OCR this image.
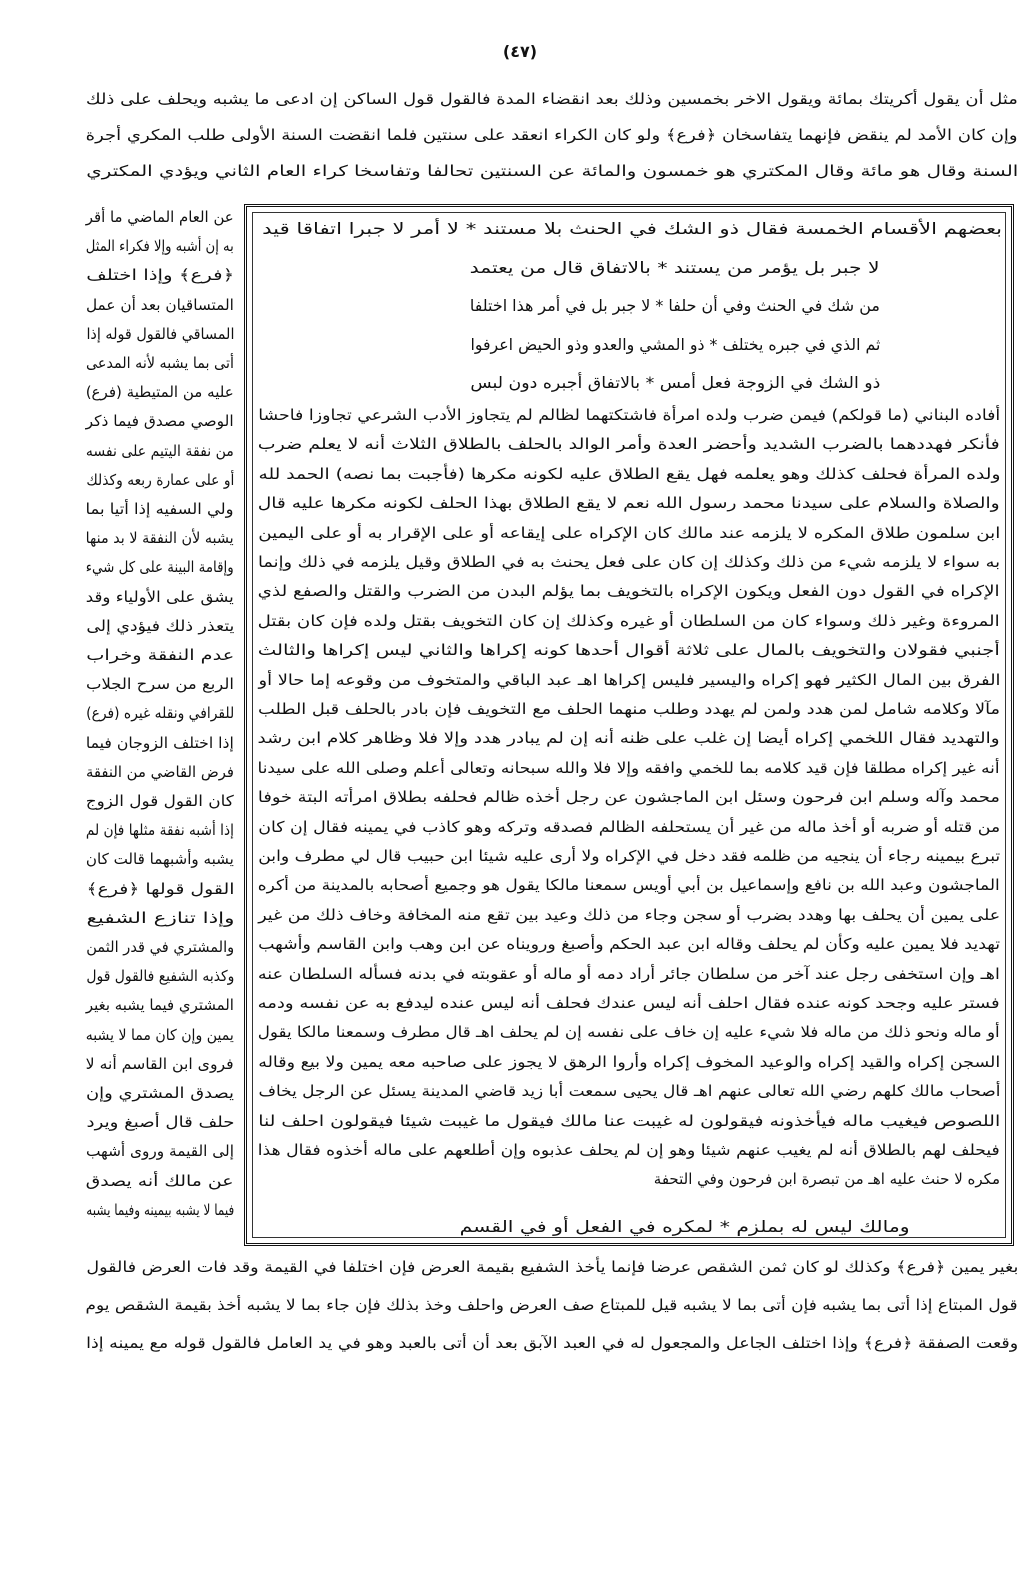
(٤٧)
مثل أن يقول أكريتك بمائة ويقول الاخر بخمسين وذلك بعد انقضاء المدة فالقول قول الساكن إن ادعى ما يشبه ويحلف على ذلك
وإن كان الأمد لم ينقض فإنهما يتفاسخان ﴿فرع﴾ ولو كان الكراء انعقد على سنتين فلما انقضت السنة الأولى طلب المكري أجرة
السنة وقال هو مائة وقال المكتري هو خمسون والمائة عن السنتين تحالفا وتفاسخا كراء العام الثاني ويؤدي المكتري
بعضهم الأقسام الخمسة فقال ذو الشك في الحنث بلا مستند * لا أمر لا جبرا اتفاقا قيد
لا جبر بل يؤمر من يستند * بالاتفاق قال من يعتمد
من شك في الحنث وفي أن حلفا * لا جبر بل في أمر هذا اختلفا
ثم الذي في جبره يختلف * ذو المشي والعدو وذو الحيض اعرفوا
ذو الشك في الزوجة فعل أمس * بالاتفاق أجبره دون لبس
أفاده البناني (ما قولكم) فيمن ضرب ولده امرأة فاشتكتهما لظالم لم يتجاوز الأدب الشرعي تجاوزا فاحشا
فأنكر فهددهما بالضرب الشديد وأحضر العدة وأمر الوالد بالحلف بالطلاق الثلاث أنه لا يعلم ضرب
ولده المرأة فحلف كذلك وهو يعلمه فهل يقع الطلاق عليه لكونه مكرها (فأجبت بما نصه) الحمد لله
والصلاة والسلام على سيدنا محمد رسول الله نعم لا يقع الطلاق بهذا الحلف لكونه مكرها عليه قال
ابن سلمون طلاق المكره لا يلزمه عند مالك كان الإكراه على إيقاعه أو على الإقرار به أو على اليمين
به سواء لا يلزمه شيء من ذلك وكذلك إن كان على فعل يحنث به في الطلاق وقيل يلزمه في ذلك وإنما
الإكراه في القول دون الفعل ويكون الإكراه بالتخويف بما يؤلم البدن من الضرب والقتل والصفع لذي
المروءة وغير ذلك وسواء كان من السلطان أو غيره وكذلك إن كان التخويف بقتل ولده فإن كان بقتل
أجنبي فقولان والتخويف بالمال على ثلاثة أقوال أحدها كونه إكراها والثاني ليس إكراها والثالث
الفرق بين المال الكثير فهو إكراه واليسير فليس إكراها اهـ عبد الباقي والمتخوف من وقوعه إما حالا أو
مآلا وكلامه شامل لمن هدد ولمن لم يهدد وطلب منهما الحلف مع التخويف فإن بادر بالحلف قبل الطلب
والتهديد فقال اللخمي إكراه أيضا إن غلب على ظنه أنه إن لم يبادر هدد وإلا فلا وظاهر كلام ابن رشد
أنه غير إكراه مطلقا فإن قيد كلامه بما للخمي وافقه وإلا فلا والله سبحانه وتعالى أعلم وصلى الله على سيدنا
محمد وآله وسلم ابن فرحون وسئل ابن الماجشون عن رجل أخذه ظالم فحلفه بطلاق امرأته البتة خوفا
من قتله أو ضربه أو أخذ ماله من غير أن يستحلفه الظالم فصدقه وتركه وهو كاذب في يمينه فقال إن كان
تبرع بيمينه رجاء أن ينجيه من ظلمه فقد دخل في الإكراه ولا أرى عليه شيئا ابن حبيب قال لي مطرف وابن
الماجشون وعبد الله بن نافع وإسماعيل بن أبي أويس سمعنا مالكا يقول هو وجميع أصحابه بالمدينة من أكره
على يمين أن يحلف بها وهدد بضرب أو سجن وجاء من ذلك وعيد بين تقع منه المخافة وخاف ذلك من غير
تهديد فلا يمين عليه وكأن لم يحلف وقاله ابن عبد الحكم وأصبغ ورويناه عن ابن وهب وابن القاسم وأشهب
اهـ وإن استخفى رجل عند آخر من سلطان جائر أراد دمه أو ماله أو عقوبته في بدنه فسأله السلطان عنه
فستر عليه وجحد كونه عنده فقال احلف أنه ليس عندك فحلف أنه ليس عنده ليدفع به عن نفسه ودمه
أو ماله ونحو ذلك من ماله فلا شيء عليه إن خاف على نفسه إن لم يحلف اهـ قال مطرف وسمعنا مالكا يقول
السجن إكراه والقيد إكراه والوعيد المخوف إكراه وأروا الرهق لا يجوز على صاحبه معه يمين ولا بيع وقاله
أصحاب مالك كلهم رضي الله تعالى عنهم اهـ قال يحيى سمعت أبا زيد قاضي المدينة يسئل عن الرجل يخاف
اللصوص فيغيب ماله فيأخذونه فيقولون له غيبت عنا مالك فيقول ما غيبت شيئا فيقولون احلف لنا
فيحلف لهم بالطلاق أنه لم يغيب عنهم شيئا وهو إن لم يحلف عذبوه وإن أطلعهم على ماله أخذوه فقال هذا
مكره لا حنث عليه اهـ من تبصرة ابن فرحون وفي التحفة
ومالك ليس له بملزم * لمكره في الفعل أو في القسم
عن العام الماضي ما أقر
به إن أشبه وإلا فكراء المثل
﴿فرع﴾ وإذا اختلف
المتساقيان بعد أن عمل
المساقي فالقول قوله إذا
أتى بما يشبه لأنه المدعى
عليه من المتيطية (فرع)
الوصي مصدق فيما ذكر
من نفقة اليتيم على نفسه
أو على عمارة ربعه وكذلك
ولي السفيه إذا أتيا بما
يشبه لأن النفقة لا بد منها
وإقامة البينة على كل شيء
يشق على الأولياء وقد
يتعذر ذلك فيؤدي إلى
عدم النفقة وخراب
الربع من سرح الجلاب
للقرافي ونقله غيره (فرع)
إذا اختلف الزوجان فيما
فرض القاضي من النفقة
كان القول قول الزوج
إذا أشبه نفقة مثلها فإن لم
يشبه وأشبهما قالت كان
القول قولها ﴿فرع﴾
وإذا تنازع الشفيع
والمشتري في قدر الثمن
وكذبه الشفيع فالقول قول
المشتري فيما يشبه بغير
يمين وإن كان مما لا يشبه
فروى ابن القاسم أنه لا
يصدق المشتري وإن
حلف قال أصبغ ويرد
إلى القيمة وروى أشهب
عن مالك أنه يصدق
فيما لا يشبه بيمينه وفيما يشبه
بغير يمين ﴿فرع﴾ وكذلك لو كان ثمن الشقص عرضا فإنما يأخذ الشفيع بقيمة العرض فإن اختلفا في القيمة وقد فات العرض فالقول
قول المبتاع إذا أتى بما يشبه فإن أتى بما لا يشبه قيل للمبتاع صف العرض واحلف وخذ بذلك فإن جاء بما لا يشبه أخذ بقيمة الشقص يوم
وقعت الصفقة ﴿فرع﴾ وإذا اختلف الجاعل والمجعول له في العبد الآبق بعد أن أتى بالعبد وهو في يد العامل فالقول قوله مع يمينه إذا
